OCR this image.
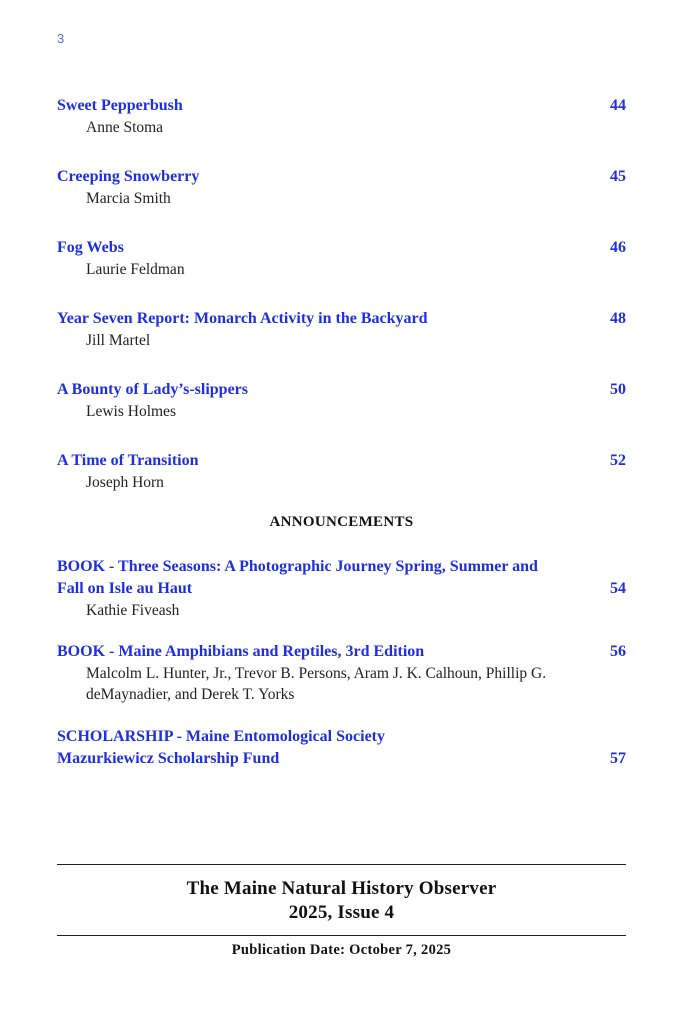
3
Sweet Pepperbush	44
Anne Stoma
Creeping Snowberry	45
Marcia Smith
Fog Webs	46
Laurie Feldman
Year Seven Report: Monarch Activity in the Backyard	48
Jill Martel
A Bounty of Lady’s-slippers	50
Lewis Holmes
A Time of Transition	52
Joseph Horn
ANNOUNCEMENTS
BOOK - Three Seasons: A Photographic Journey Spring, Summer and
Fall on Isle au Haut	54
Kathie Fiveash
BOOK - Maine Amphibians and Reptiles, 3rd Edition	56
Malcolm L. Hunter, Jr., Trevor B. Persons, Aram J. K. Calhoun, Phillip G. deMaynadier, and Derek T. Yorks
SCHOLARSHIP - Maine Entomological Society
Mazurkiewicz Scholarship Fund	57
The Maine Natural History Observer
2025, Issue 4
Publication Date: October 7, 2025
